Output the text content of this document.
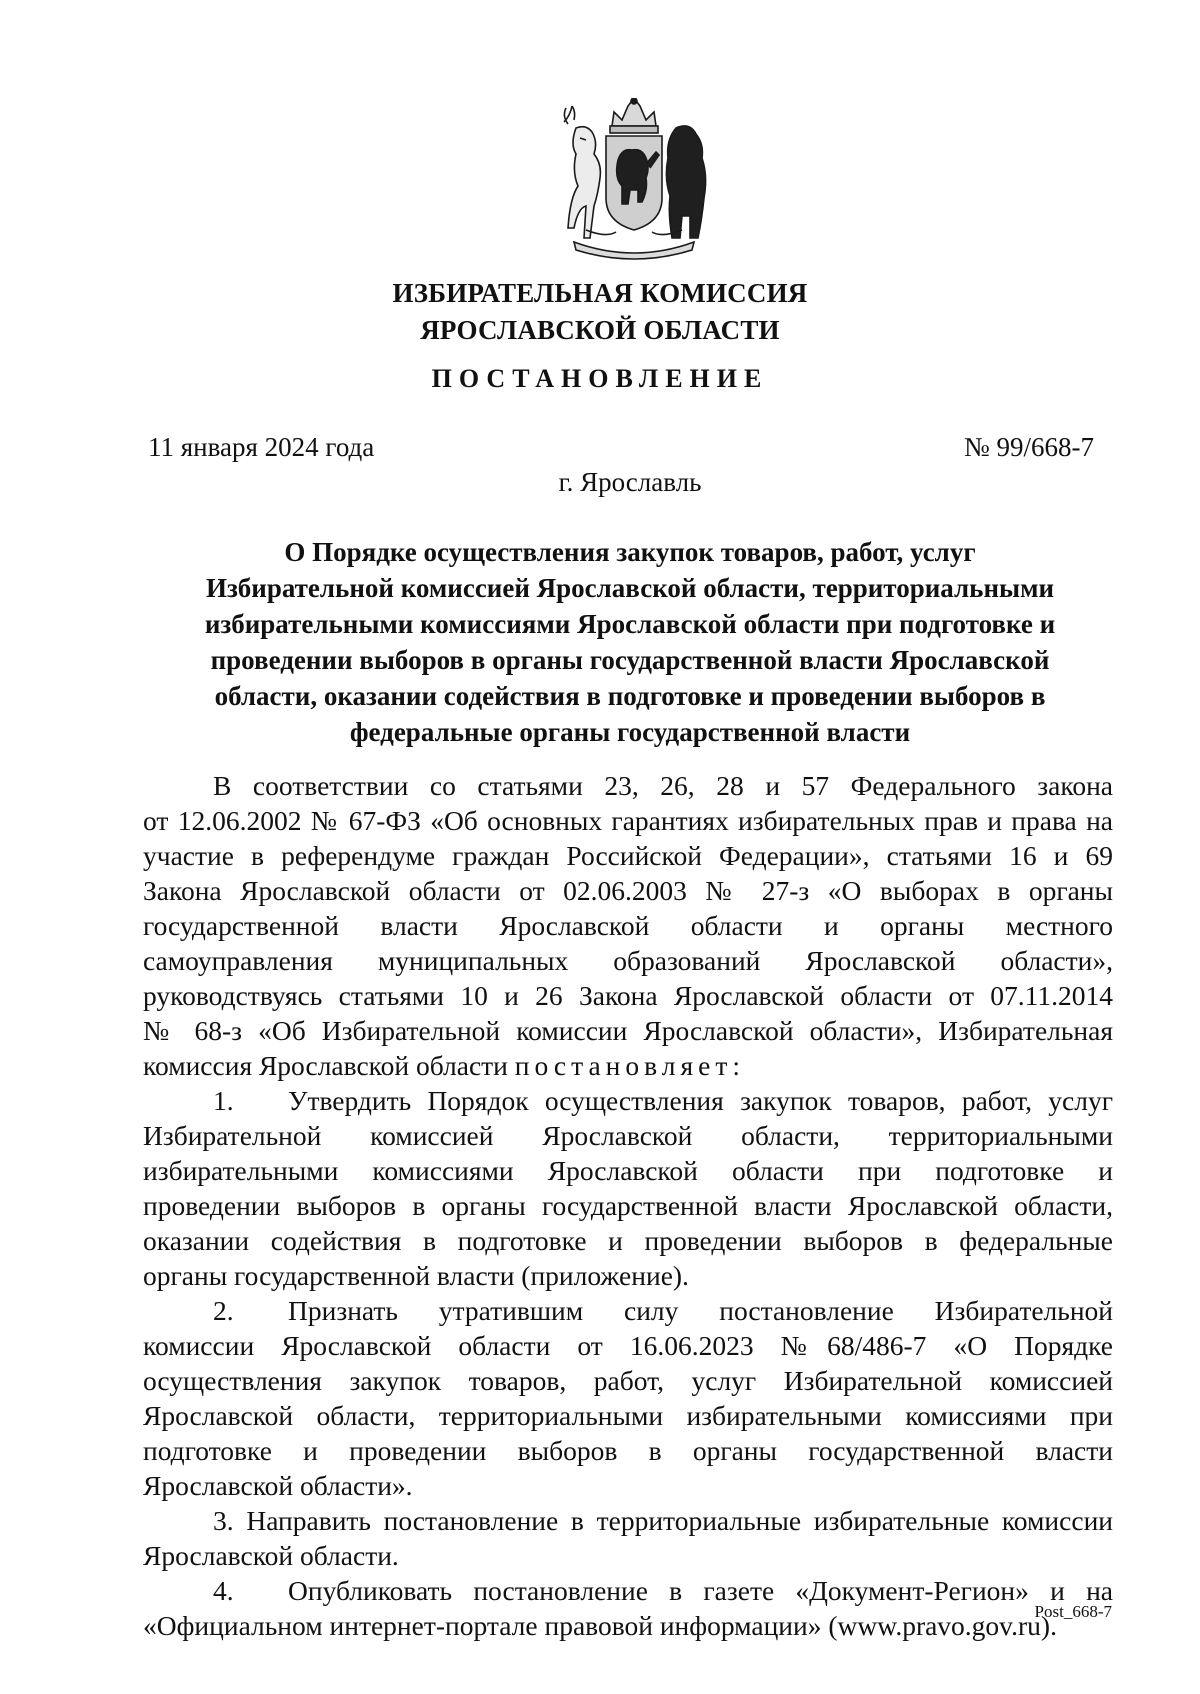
ИЗБИРАТЕЛЬНАЯ КОМИССИЯ
ЯРОСЛАВСКОЙ ОБЛАСТИ
ПОСТАНОВЛЕНИЕ
11 января 2024 года	№ 99/668-7
г. Ярославль
О Порядке осуществления закупок товаров, работ, услуг
Избирательной комиссией Ярославской области, территориальными
избирательными комиссиями Ярославской области при подготовке и
проведении выборов в органы государственной власти Ярославской
области, оказании содействия в подготовке и проведении выборов в
федеральные органы государственной власти
В соответствии со статьями 23, 26, 28 и 57 Федерального закона
от 12.06.2002 № 67-ФЗ «Об основных гарантиях избирательных прав и права на
участие в референдуме граждан Российской Федерации», статьями 16 и 69
Закона Ярославской области от 02.06.2003 № 27-з «О выборах в органы
государственной власти Ярославской области и органы местного
самоуправления муниципальных образований Ярославской области»,
руководствуясь статьями 10 и 26 Закона Ярославской области от 07.11.2014
№ 68-з «Об Избирательной комиссии Ярославской области», Избирательная
комиссия Ярославской области постановляет:
1. Утвердить Порядок осуществления закупок товаров, работ, услуг
Избирательной комиссией Ярославской области, территориальными
избирательными комиссиями Ярославской области при подготовке и
проведении выборов в органы государственной власти Ярославской области,
оказании содействия в подготовке и проведении выборов в федеральные
органы государственной власти (приложение).
2. Признать утратившим силу постановление Избирательной
комиссии Ярославской области от 16.06.2023 №68/486-7 «О Порядке
осуществления закупок товаров, работ, услуг Избирательной комиссией
Ярославской области, территориальными избирательными комиссиями при
подготовке и проведении выборов в органы государственной власти
Ярославской области».
3. Направить постановление в территориальные избирательные комиссии
Ярославской области.
4. Опубликовать постановление в газете «Документ-Регион» и на
«Официальном интернет-портале правовой информации» (www.pravo.gov.ru).
Post_668-7
